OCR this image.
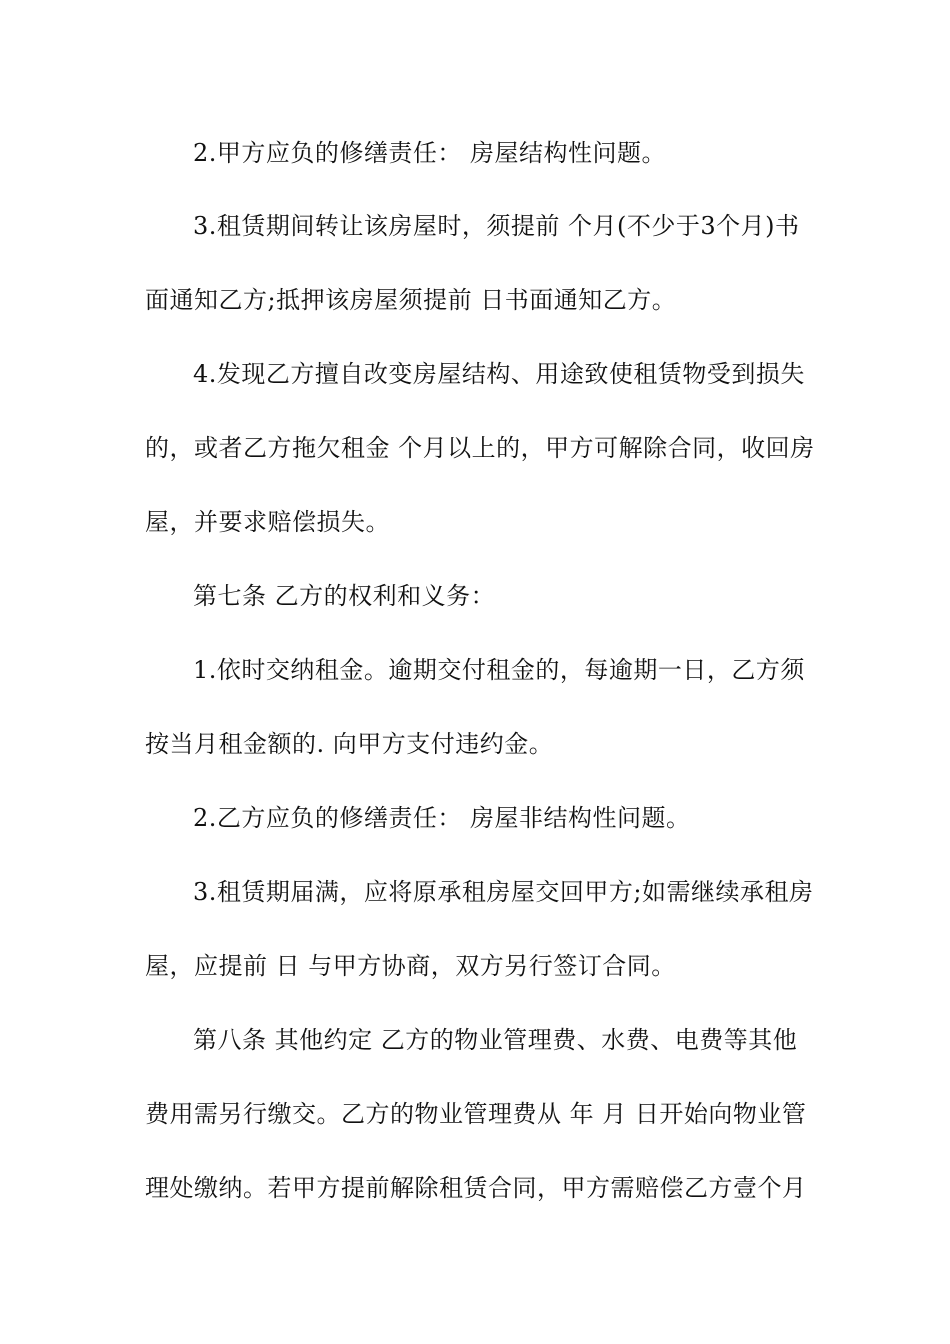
2.甲方应负的修缮责任： 房屋结构性问题。
3.租赁期间转让该房屋时，须提前 个月(不少于3个月)书
面通知乙方;抵押该房屋须提前 日书面通知乙方。
4.发现乙方擅自改变房屋结构、用途致使租赁物受到损失
的，或者乙方拖欠租金 个月以上的，甲方可解除合同，收回房
屋，并要求赔偿损失。
第七条 乙方的权利和义务：
1.依时交纳租金。逾期交付租金的，每逾期一日，乙方须
按当月租金额的. 向甲方支付违约金。
2.乙方应负的修缮责任： 房屋非结构性问题。
3.租赁期届满，应将原承租房屋交回甲方;如需继续承租房
屋，应提前 日 与甲方协商，双方另行签订合同。
第八条 其他约定 乙方的物业管理费、水费、电费等其他
费用需另行缴交。乙方的物业管理费从 年 月 日开始向物业管
理处缴纳。若甲方提前解除租赁合同，甲方需赔偿乙方壹个月
